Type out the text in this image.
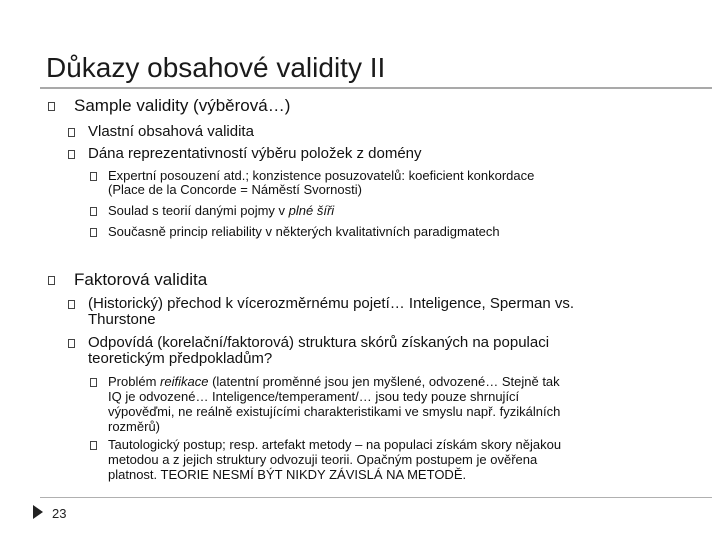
Důkazy obsahové validity II
Sample validity (výběrová…)
Vlastní obsahová validita
Dána reprezentativností výběru položek z domény
Expertní posouzení atd.; konzistence posuzovatelů: koeficient konkordace
(Place de la Concorde = Náměstí Svornosti)
Soulad s teorií danými pojmy v plné šíři
Současně princip reliability v některých kvalitativních paradigmatech
Faktorová validita
(Historický) přechod k vícerozměrnému pojetí… Inteligence, Sperman vs.
Thurstone
Odpovídá (korelační/faktorová) struktura skórů získaných na populaci
teoretickým předpokladům?
Problém reifikace (latentní proměnné jsou jen myšlené, odvozené… Stejně tak
IQ je odvozené… Inteligence/temperament/… jsou tedy pouze shrnující
výpověďmi, ne reálně existujícími charakteristikami ve smyslu např. fyzikálních
rozměrů)
Tautologický postup; resp. artefakt metody – na populaci získám skory nějakou
metodou a z jejich struktury odvozuji teorii. Opačným postupem je ověřena
platnost. TEORIE NESMÍ BÝT NIKDY ZÁVISLÁ NA METODĚ.
23
